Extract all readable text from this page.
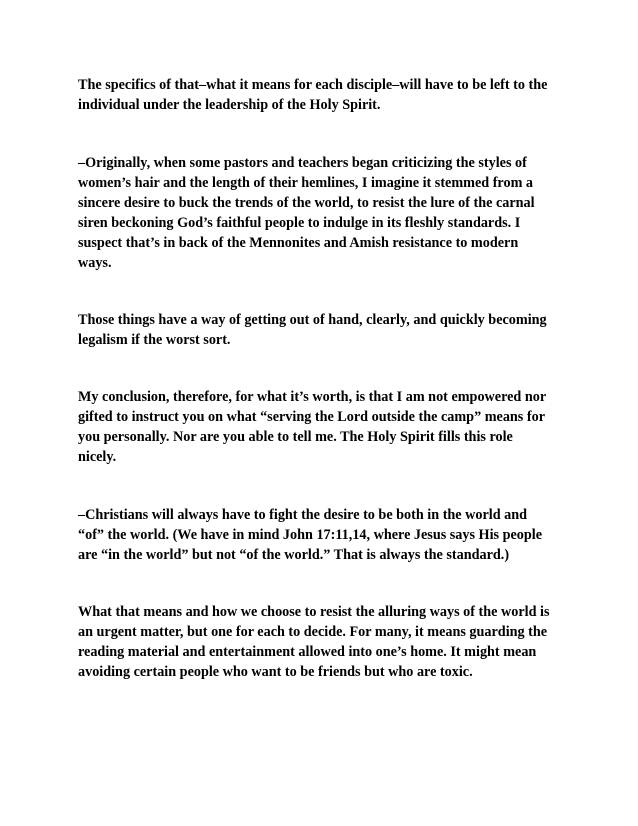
The specifics of that–what it means for each disciple–will have to be left to the
individual under the leadership of the Holy Spirit.
–Originally, when some pastors and teachers began criticizing the styles of
women’s hair and the length of their hemlines, I imagine it stemmed from a
sincere desire to buck the trends of the world, to resist the lure of the carnal
siren beckoning God’s faithful people to indulge in its fleshly standards. I
suspect that’s in back of the Mennonites and Amish resistance to modern
ways.
Those things have a way of getting out of hand, clearly, and quickly becoming
legalism if the worst sort.
My conclusion, therefore, for what it’s worth, is that I am not empowered nor
gifted to instruct you on what “serving the Lord outside the camp” means for
you personally. Nor are you able to tell me. The Holy Spirit fills this role
nicely.
–Christians will always have to fight the desire to be both in the world and
“of” the world. (We have in mind John 17:11,14, where Jesus says His people
are “in the world” but not “of the world.” That is always the standard.)
What that means and how we choose to resist the alluring ways of the world is
an urgent matter, but one for each to decide. For many, it means guarding the
reading material and entertainment allowed into one’s home. It might mean
avoiding certain people who want to be friends but who are toxic.
